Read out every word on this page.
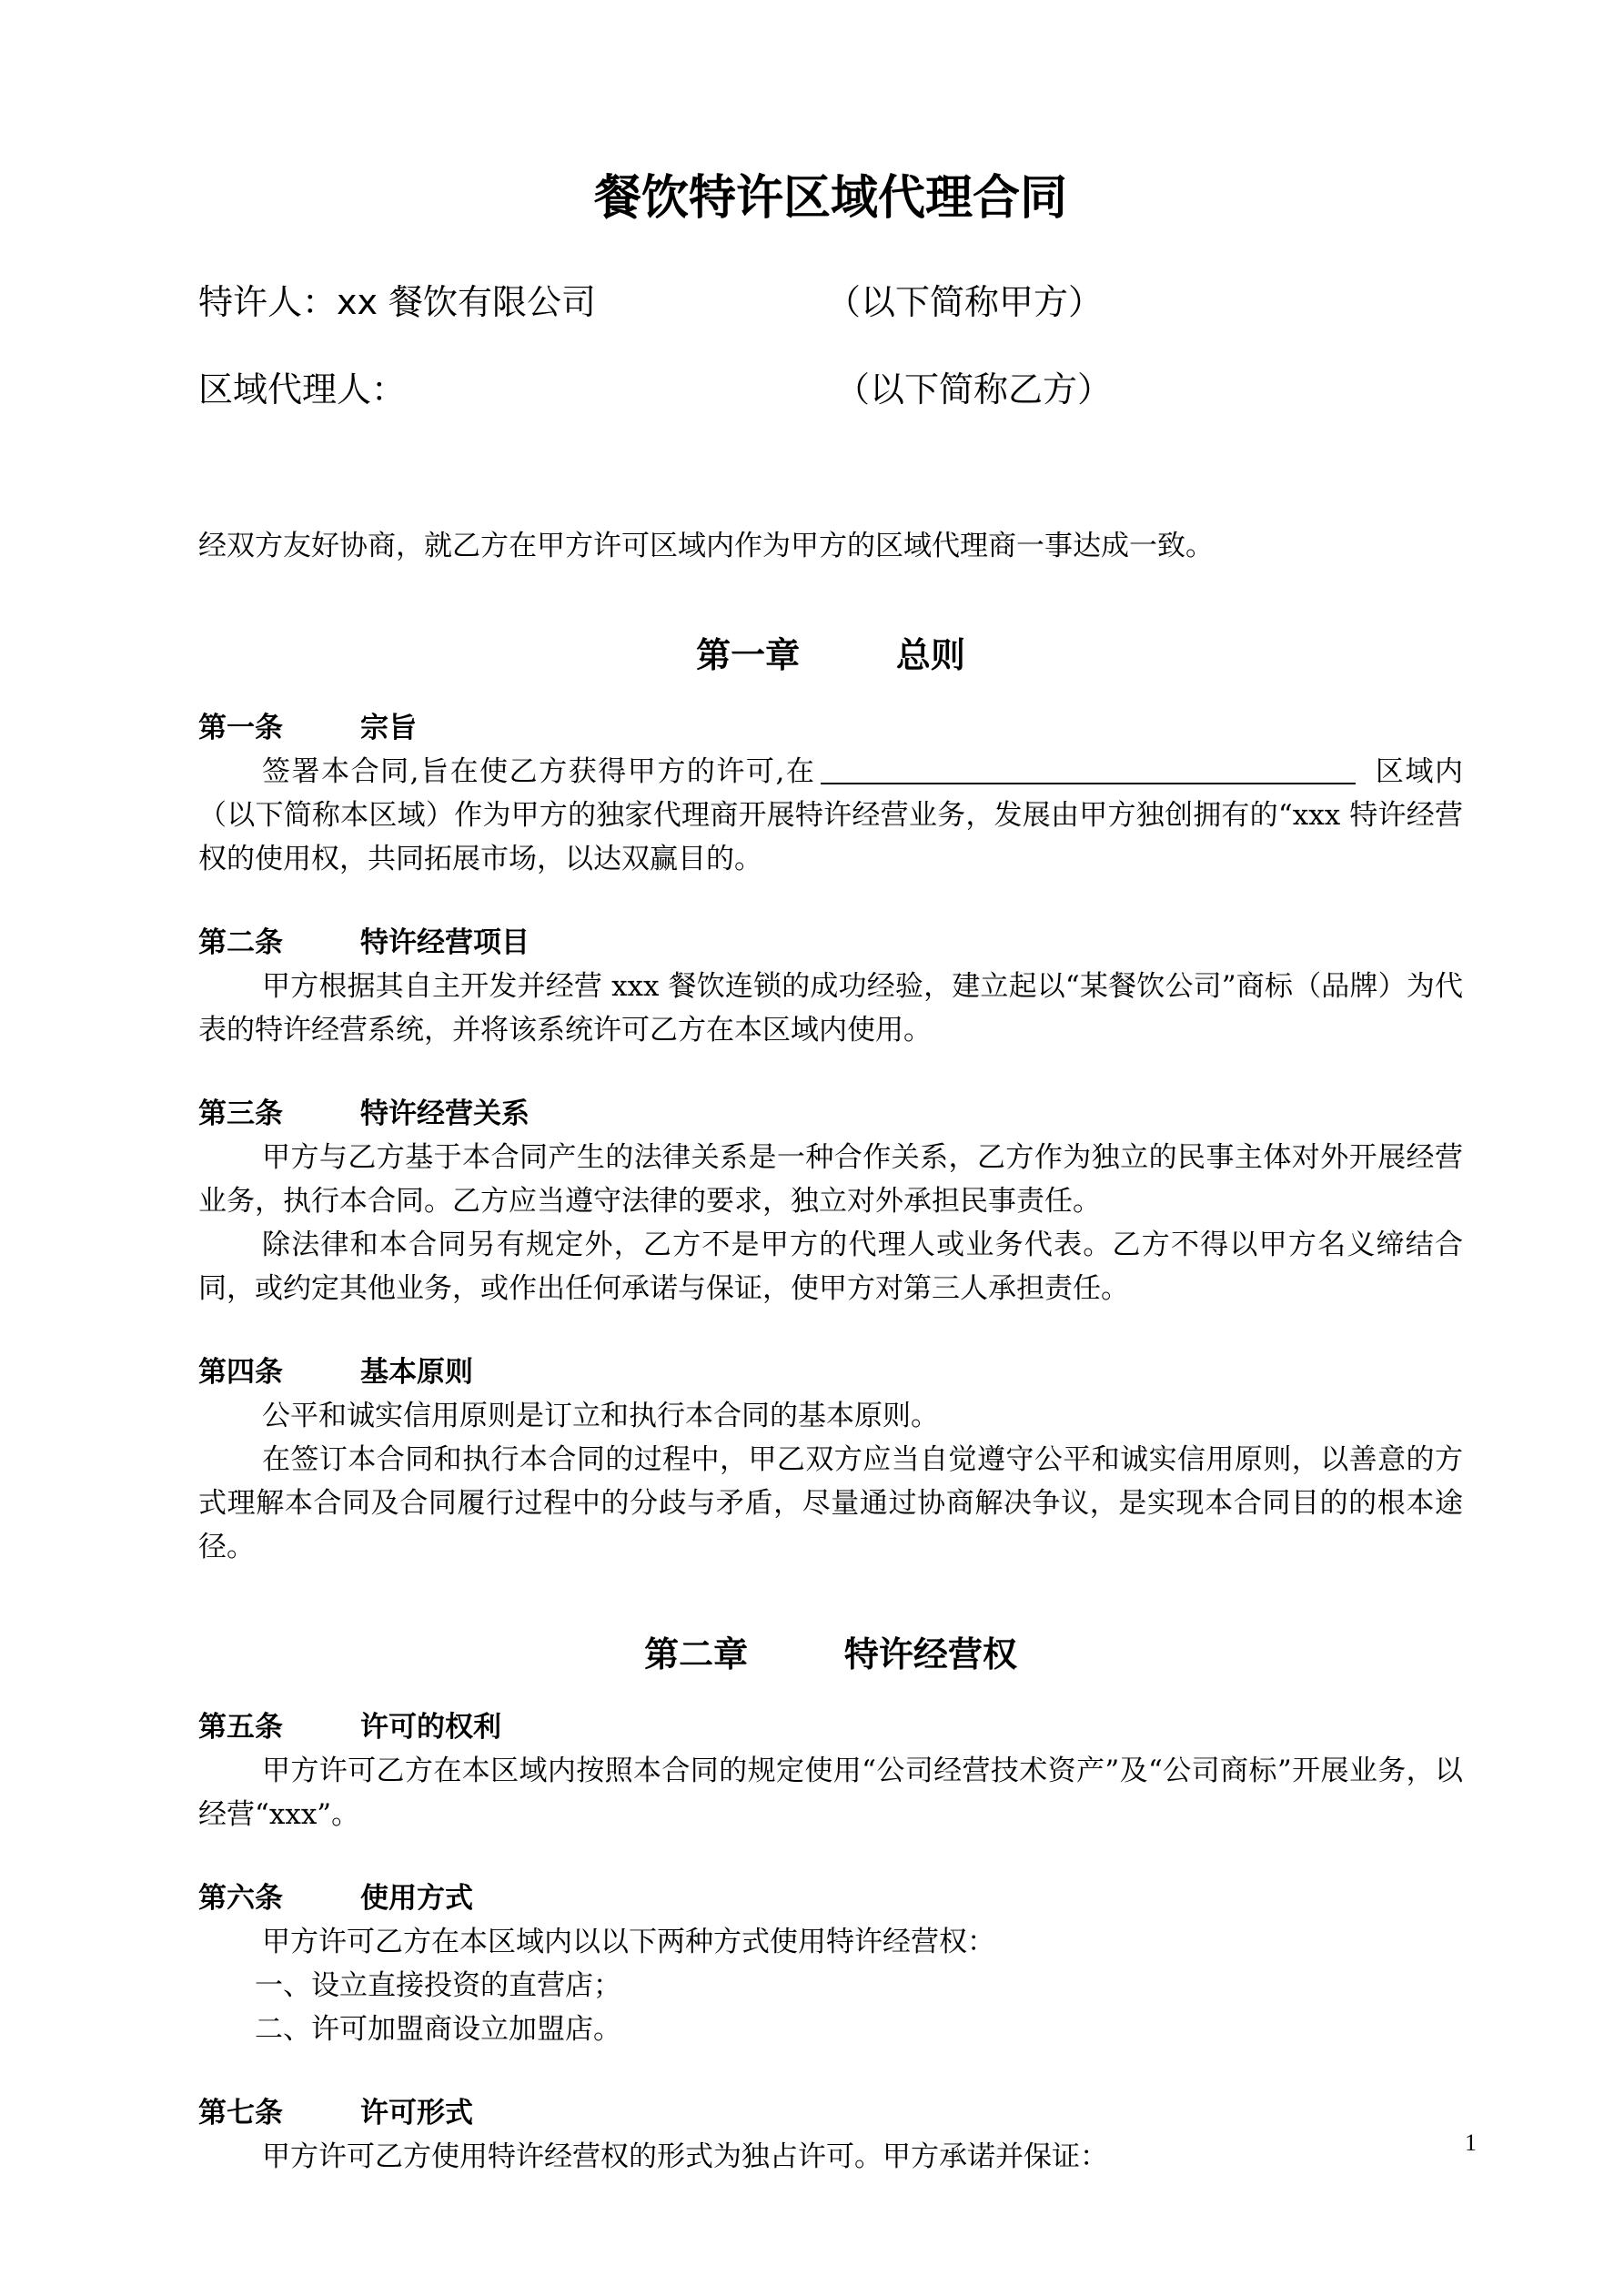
餐饮特许区域代理合同
特许人：xx 餐饮有限公司	（以下简称甲方）
区域代理人：	（以下简称乙方）
经双方友好协商，就乙方在甲方许可区域内作为甲方的区域代理商一事达成一致。
第一章        总则
第一条	宗旨

签署本合同,旨在使乙方获得甲方的许可,在	区域内（以下简称本区域）作为甲方的独家代理商开展特许经营业务，发展由甲方独创拥有的“xxx 特许经营权的使用权，共同拓展市场，以达双赢目的。

第二条	特许经营项目

甲方根据其自主开发并经营 xxx 餐饮连锁的成功经验，建立起以“某餐饮公司”商标（品牌）为代表的特许经营系统，并将该系统许可乙方在本区域内使用。

第三条	特许经营关系

甲方与乙方基于本合同产生的法律关系是一种合作关系，乙方作为独立的民事主体对外开展经营业务，执行本合同。乙方应当遵守法律的要求，独立对外承担民事责任。

除法律和本合同另有规定外，乙方不是甲方的代理人或业务代表。乙方不得以甲方名义缔结合同，或约定其他业务，或作出任何承诺与保证，使甲方对第三人承担责任。

第四条	基本原则

公平和诚实信用原则是订立和执行本合同的基本原则。

在签订本合同和执行本合同的过程中，甲乙双方应当自觉遵守公平和诚实信用原则，以善意的方式理解本合同及合同履行过程中的分歧与矛盾，尽量通过协商解决争议，是实现本合同目的的根本途径。

第二章        特许经营权
第五条	许可的权利

甲方许可乙方在本区域内按照本合同的规定使用“公司经营技术资产”及“公司商标”开展业务，以经营“xxx”。

第六条	使用方式

甲方许可乙方在本区域内以以下两种方式使用特许经营权：

一、设立直接投资的直营店；
二、许可加盟商设立加盟店。
第七条	许可形式

甲方许可乙方使用特许经营权的形式为独占许可。甲方承诺并保证：	1
